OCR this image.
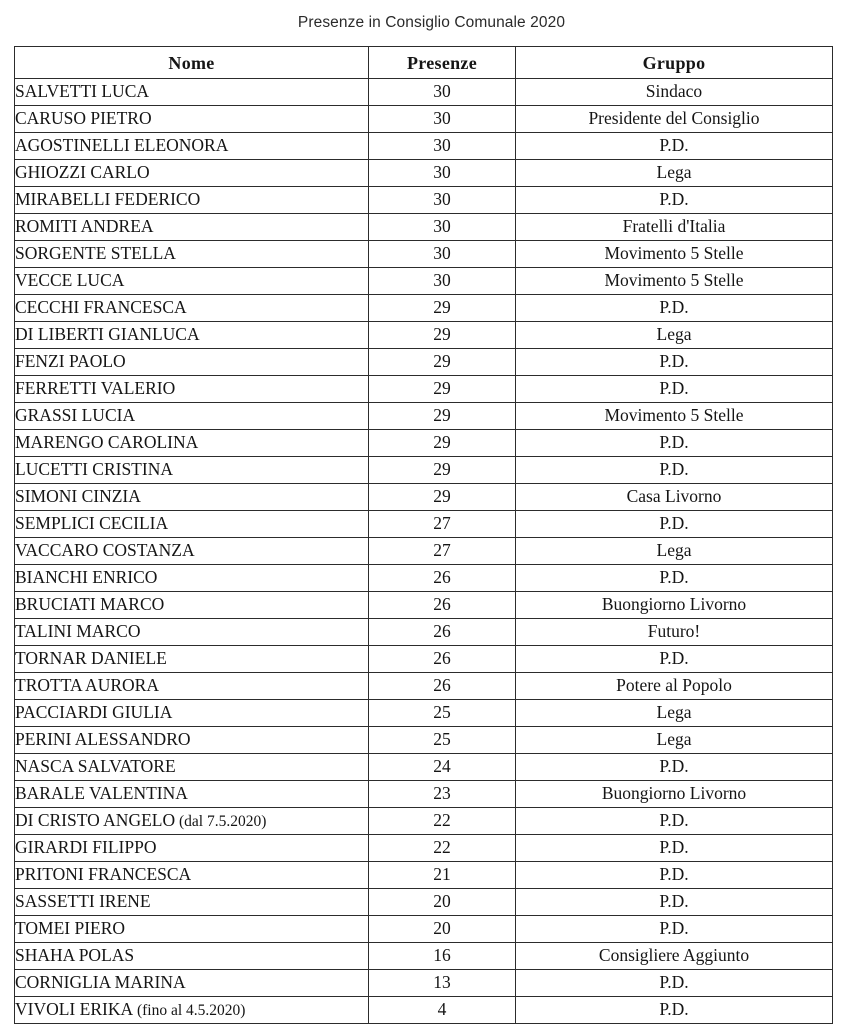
Presenze in Consiglio Comunale 2020
Nome	Presenze	Gruppo
SALVETTI LUCA	30	Sindaco
CARUSO PIETRO	30	Presidente del Consiglio
AGOSTINELLI ELEONORA	30	P.D.
GHIOZZI CARLO	30	Lega
MIRABELLI FEDERICO	30	P.D.
ROMITI ANDREA	30	Fratelli d'Italia
SORGENTE STELLA	30	Movimento 5 Stelle
VECCE LUCA	30	Movimento 5 Stelle
CECCHI FRANCESCA	29	P.D.
DI LIBERTI GIANLUCA	29	Lega
FENZI PAOLO	29	P.D.
FERRETTI VALERIO	29	P.D.
GRASSI LUCIA	29	Movimento 5 Stelle
MARENGO CAROLINA	29	P.D.
LUCETTI CRISTINA	29	P.D.
SIMONI CINZIA	29	Casa Livorno
SEMPLICI CECILIA	27	P.D.
VACCARO COSTANZA	27	Lega
BIANCHI ENRICO	26	P.D.
BRUCIATI MARCO	26	Buongiorno Livorno
TALINI MARCO	26	Futuro!
TORNAR DANIELE	26	P.D.
TROTTA AURORA	26	Potere al Popolo
PACCIARDI GIULIA	25	Lega
PERINI ALESSANDRO	25	Lega
NASCA SALVATORE	24	P.D.
BARALE VALENTINA	23	Buongiorno Livorno
DI CRISTO ANGELO (dal 7.5.2020)	22	P.D.
GIRARDI FILIPPO	22	P.D.
PRITONI FRANCESCA	21	P.D.
SASSETTI IRENE	20	P.D.
TOMEI PIERO	20	P.D.
SHAHA POLAS	16	Consigliere Aggiunto
CORNIGLIA MARINA	13	P.D.
VIVOLI ERIKA (fino al 4.5.2020)	4	P.D.
